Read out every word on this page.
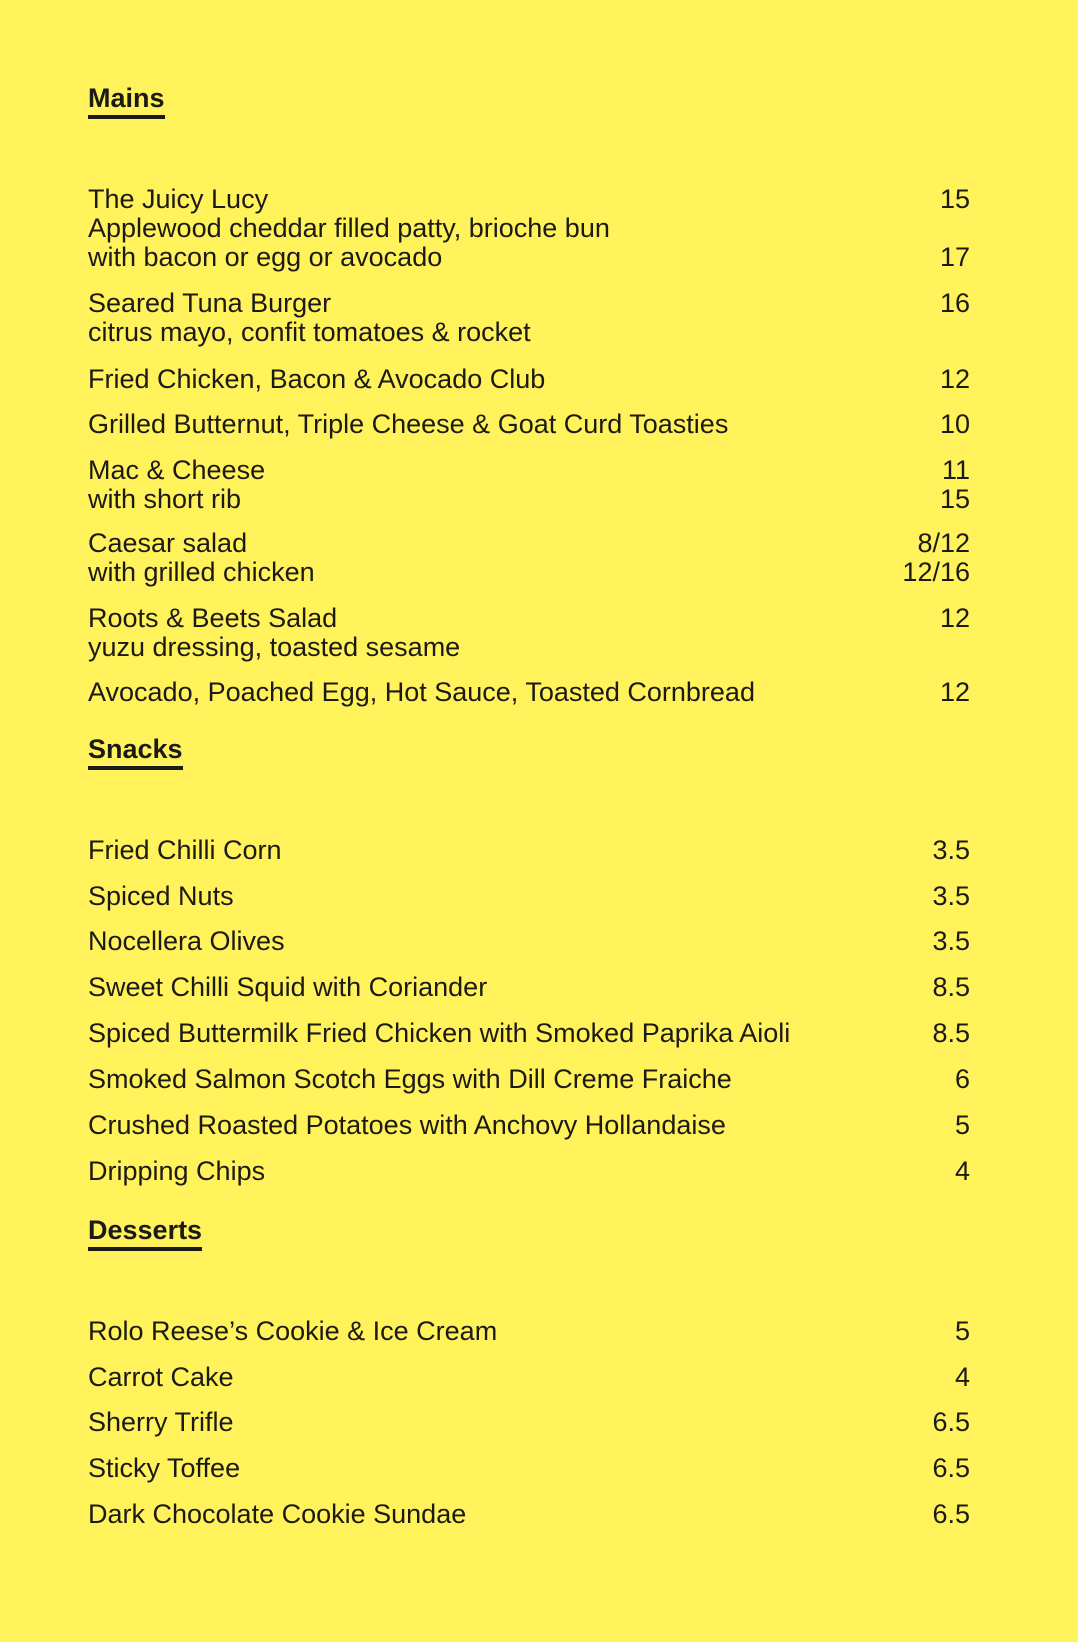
Mains
The Juicy Lucy	15
Applewood cheddar filled patty, brioche bun
with bacon or egg or avocado	17
Seared Tuna Burger	16
citrus mayo, confit tomatoes & rocket
Fried Chicken, Bacon & Avocado Club	12
Grilled Butternut, Triple Cheese & Goat Curd Toasties	10
Mac & Cheese	11
with short rib	15
Caesar salad	8/12
with grilled chicken	12/16
Roots & Beets Salad	12
yuzu dressing, toasted sesame
Avocado, Poached Egg, Hot Sauce, Toasted Cornbread	12
Snacks
Fried Chilli Corn	3.5
Spiced Nuts	3.5
Nocellera Olives	3.5
Sweet Chilli Squid with Coriander	8.5
Spiced Buttermilk Fried Chicken with Smoked Paprika Aioli	8.5
Smoked Salmon Scotch Eggs with Dill Creme Fraiche	6
Crushed Roasted Potatoes with Anchovy Hollandaise	5
Dripping Chips	4
Desserts
Rolo Reese’s Cookie & Ice Cream	5
Carrot Cake	4
Sherry Trifle	6.5
Sticky Toffee	6.5
Dark Chocolate Cookie Sundae	6.5
